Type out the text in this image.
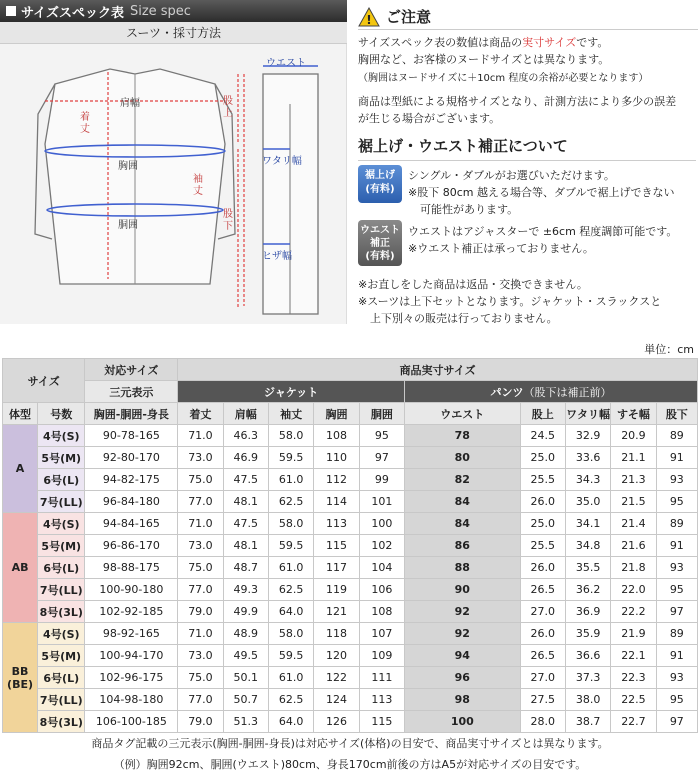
サイズスペック表 Size spec
スーツ・採寸方法
肩幅
着丈
胸囲
胴囲
袖丈
股上
股下
ウエスト
ワタリ幅
ヒザ幅
! ご注意
サイズスペック表の数値は商品の実寸サイズです。
胸囲など、お客様のヌードサイズとは異なります。
（胸囲はヌードサイズに＋10cm 程度の余裕が必要となります）
商品は型紙による規格サイズとなり、計測方法により多少の誤差
が生じる場合がございます。
裾上げ・ウエスト補正について
裾上げ
(有料)
シングル・ダブルがお選びいただけます。
※股下 80cm 越える場合等、ダブルで裾上げできない
可能性があります。
ウエスト
補正
(有料)
ウエストはアジャスターで ±6cm 程度調節可能です。
※ウエスト補正は承っておりません。
※お直しをした商品は返品・交換できません。
※スーツは上下セットとなります。ジャケット・スラックスと
上下別々の販売は行っておりません。
単位：cm
サイズ		対応サイズ	商品実寸サイズ									
		三元表示	ジャケット					パンツ（股下は補正前）				
体型	号数	胸囲-胴囲-身長	着丈	肩幅	袖丈	胸囲	胴囲	ウエスト	股上	ワタリ幅	すそ幅	股下
A	4号(S)	90-78-165	71.0	46.3	58.0	108	95	78	24.5	32.9	20.9	89
	5号(M)	92-80-170	73.0	46.9	59.5	110	97	80	25.0	33.6	21.1	91
	6号(L)	94-82-175	75.0	47.5	61.0	112	99	82	25.5	34.3	21.3	93
	7号(LL)	96-84-180	77.0	48.1	62.5	114	101	84	26.0	35.0	21.5	95
AB	4号(S)	94-84-165	71.0	47.5	58.0	113	100	84	25.0	34.1	21.4	89
	5号(M)	96-86-170	73.0	48.1	59.5	115	102	86	25.5	34.8	21.6	91
	6号(L)	98-88-175	75.0	48.7	61.0	117	104	88	26.0	35.5	21.8	93
	7号(LL)	100-90-180	77.0	49.3	62.5	119	106	90	26.5	36.2	22.0	95
	8号(3L)	102-92-185	79.0	49.9	64.0	121	108	92	27.0	36.9	22.2	97
BB
(BE)	4号(S)	98-92-165	71.0	48.9	58.0	118	107	92	26.0	35.9	21.9	89
	5号(M)	100-94-170	73.0	49.5	59.5	120	109	94	26.5	36.6	22.1	91
	6号(L)	102-96-175	75.0	50.1	61.0	122	111	96	27.0	37.3	22.3	93
	7号(LL)	104-98-180	77.0	50.7	62.5	124	113	98	27.5	38.0	22.5	95
	8号(3L)	106-100-185	79.0	51.3	64.0	126	115	100	28.0	38.7	22.7	97
商品タグ記載の三元表示(胸囲-胴囲-身長)は対応サイズ(体格)の目安で、商品実寸サイズとは異なります。
（例）胸囲92cm、胴囲(ウエスト)80cm、身長170cm前後の方はA5が対応サイズの目安です。
